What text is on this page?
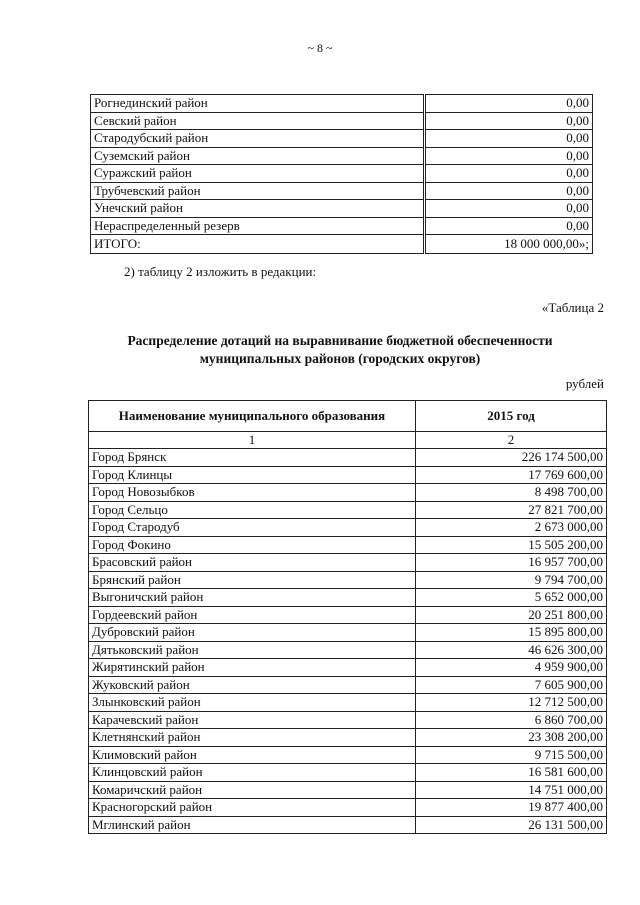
~ 8 ~
Рогнединский район	0,00
Севский район	0,00
Стародубский район	0,00
Суземский район	0,00
Суражский район	0,00
Трубчевский район	0,00
Унечский район	0,00
Нераспределенный резерв	0,00
ИТОГО:	18 000 000,00»;
2) таблицу 2 изложить в редакции:
«Таблица 2
Распределение дотаций на выравнивание бюджетной обеспеченности
муниципальных районов (городских округов)
рублей
Наименование муниципального образования	2015 год
1	2
Город Брянск	226 174 500,00
Город Клинцы	17 769 600,00
Город Новозыбков	8 498 700,00
Город Сельцо	27 821 700,00
Город Стародуб	2 673 000,00
Город Фокино	15 505 200,00
Брасовский район	16 957 700,00
Брянский район	9 794 700,00
Выгоничский район	5 652 000,00
Гордеевский район	20 251 800,00
Дубровский район	15 895 800,00
Дятьковский район	46 626 300,00
Жирятинский район	4 959 900,00
Жуковский район	7 605 900,00
Злынковский район	12 712 500,00
Карачевский район	6 860 700,00
Клетнянский район	23 308 200,00
Климовский район	9 715 500,00
Клинцовский район	16 581 600,00
Комаричский район	14 751 000,00
Красногорский район	19 877 400,00
Мглинский район	26 131 500,00
